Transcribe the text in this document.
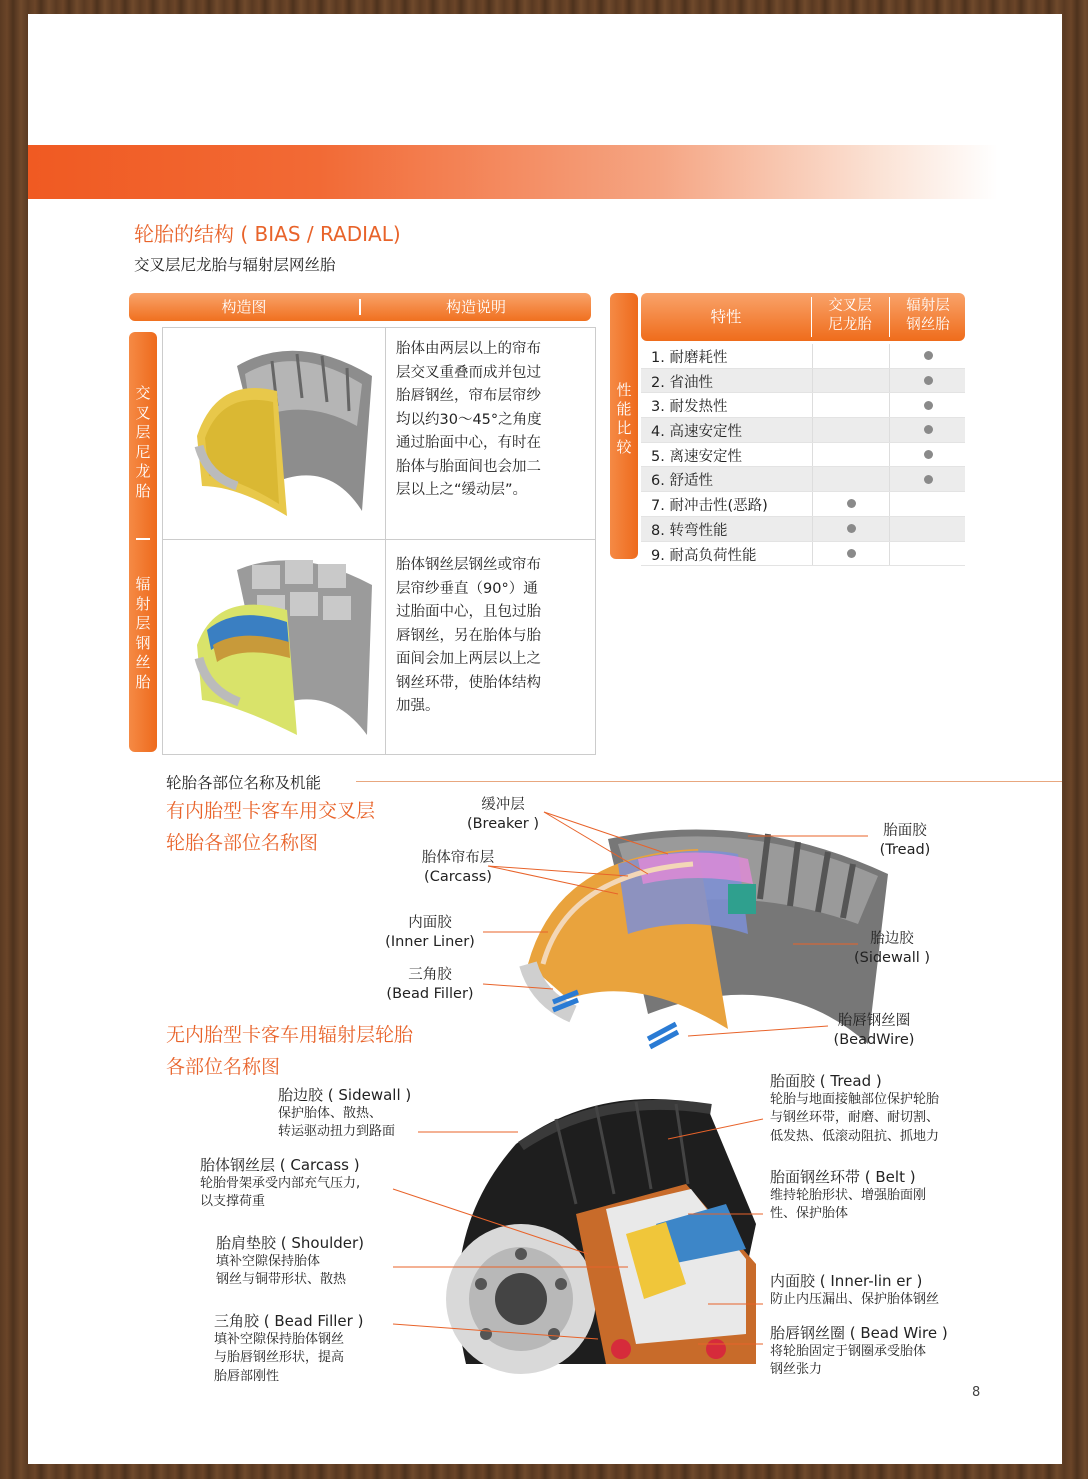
轮胎的结构 ( BIAS / RADIAL)
交叉层尼龙胎与辐射层网丝胎
构造图	构造说明
交
叉
层
尼
龙
胎
辐
射
层
钢
丝
胎
胎体由两层以上的帘布
层交叉重叠而成并包过
胎唇钢丝，帘布层帘纱
均以约30～45°之角度
通过胎面中心，有时在
胎体与胎面间也会加二
层以上之“缓动层”。
胎体钢丝层钢丝或帘布
层帘纱垂直（90°）通
过胎面中心，且包过胎
唇钢丝，另在胎体与胎
面间会加上两层以上之
钢丝环带，使胎体结构
加强。
性
能
比
较
特性
交叉层
尼龙胎
辐射层
钢丝胎
1. 耐磨耗性
2. 省油性
3. 耐发热性
4. 高速安定性
5. 离速安定性
6. 舒适性
7. 耐冲击性(恶路)
8. 转弯性能
9. 耐高负荷性能
轮胎各部位名称及机能
有内胎型卡客车用交叉层
轮胎各部位名称图
无内胎型卡客车用辐射层轮胎
各部位名称图
缓冲层
(Breaker )
胎体帘布层
(Carcass)
内面胶
(Inner Liner)
三角胶
(Bead Filler)
胎面胶
(Tread)
胎边胶
(Sidewall )
胎唇钢丝圈
(BeadWire)
胎边胶 ( Sidewall )
保护胎体、散热、
转运驱动扭力到路面
胎体钢丝层 ( Carcass )
轮胎骨架承受内部充气压力,
以支撑荷重
胎肩垫胶 ( Shoulder)
填补空隙保持胎体
钢丝与铜带形状、散热
三角胶 ( Bead Filler )
填补空隙保持胎体钢丝
与胎唇钢丝形状，提高
胎唇部刚性
胎面胶 ( Tread )
轮胎与地面接触部位保护轮胎
与钢丝环带，耐磨、耐切割、
低发热、低滚动阻抗、抓地力
胎面钢丝环带 ( Belt )
维持轮胎形状、增强胎面刚
性、保护胎体
内面胶 ( Inner-lin er )
防止内压漏出、保护胎体钢丝
胎唇钢丝圈 ( Bead Wire )
将轮胎固定于钢圈承受胎体
钢丝张力
8
